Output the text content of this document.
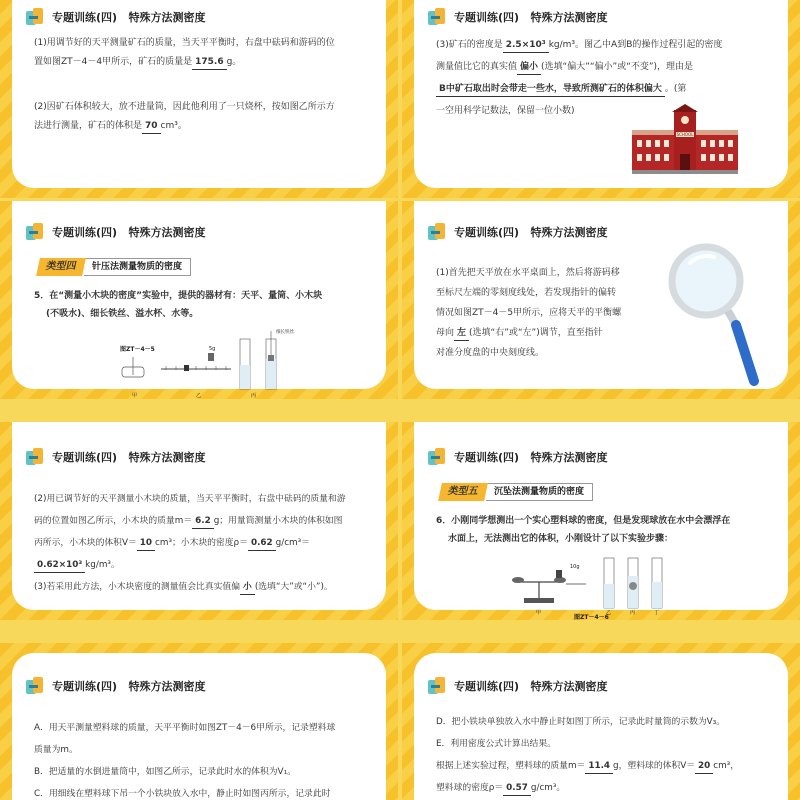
专题训练(四)   特殊方法测密度
(1)用调节好的天平测量矿石的质量，当天平平衡时，右盘中砝码和游码的位
置如图ZT－4－4甲所示，矿石的质量是 175.6 g。
(2)因矿石体积较大，放不进量筒，因此他利用了一只烧杯，按如图乙所示方
法进行测量，矿石的体积是 70 cm³。
专题训练(四)   特殊方法测密度
(3)矿石的密度是 2.5×10³ kg/m³。图乙中A到B的操作过程引起的密度
测量值比它的真实值 偏小 (选填“偏大”“偏小”或“不变”)，理由是
B中矿石取出时会带走一些水，导致所测矿石的体积偏大 。(第
一空用科学记数法，保留一位小数)
SCHOOL
专题训练(四)   特殊方法测密度
类型四	针压法测量物质的密度
5．在“测量小木块的密度”实验中，提供的器材有：天平、量筒、小木块
(不吸水)、细长铁丝、溢水杯、水等。
图ZT－4－5	5g
细长铁丝
甲	乙	丙
专题训练(四)   特殊方法测密度
(1)首先把天平放在水平桌面上，然后将游码移
至标尺左端的零刻度线处，若发现指针的偏转
情况如图ZT－4－5甲所示，应将天平的平衡螺
母向 左 (选填“右”或“左”)调节，直至指针
对准分度盘的中央刻度线。
专题训练(四)   特殊方法测密度
(2)用已调节好的天平测量小木块的质量，当天平平衡时，右盘中砝码的质量和游
码的位置如图乙所示，小木块的质量m＝ 6.2 g；用量筒测量小木块的体积如图
丙所示，小木块的体积V＝ 10 cm³；小木块的密度ρ＝ 0.62 g/cm³＝
0.62×10³ kg/m³。
(3)若采用此方法，小木块密度的测量值会比真实值偏 小 (选填“大”或“小”)。
专题训练(四)   特殊方法测密度
类型五	沉坠法测量物质的密度
6．小刚同学想测出一个实心塑料球的密度，但是发现球放在水中会漂浮在
水面上，无法测出它的体积，小刚设计了以下实验步骤：
10g
甲	乙	丙	丁
图ZT－4－6
专题训练(四)   特殊方法测密度
A．用天平测量塑料球的质量，天平平衡时如图ZT－4－6甲所示，记录塑料球
质量为m。
B．把适量的水倒进量筒中，如图乙所示，记录此时水的体积为V₁。
C．用细线在塑料球下吊一个小铁块放入水中，静止时如图丙所示，记录此时
专题训练(四)   特殊方法测密度
D．把小铁块单独放入水中静止时如图丁所示，记录此时量筒的示数为V₃。
E．利用密度公式计算出结果。
根据上述实验过程，塑料球的质量m＝ 11.4 g，塑料球的体积V＝ 20 cm³，
塑料球的密度ρ＝ 0.57 g/cm³。
